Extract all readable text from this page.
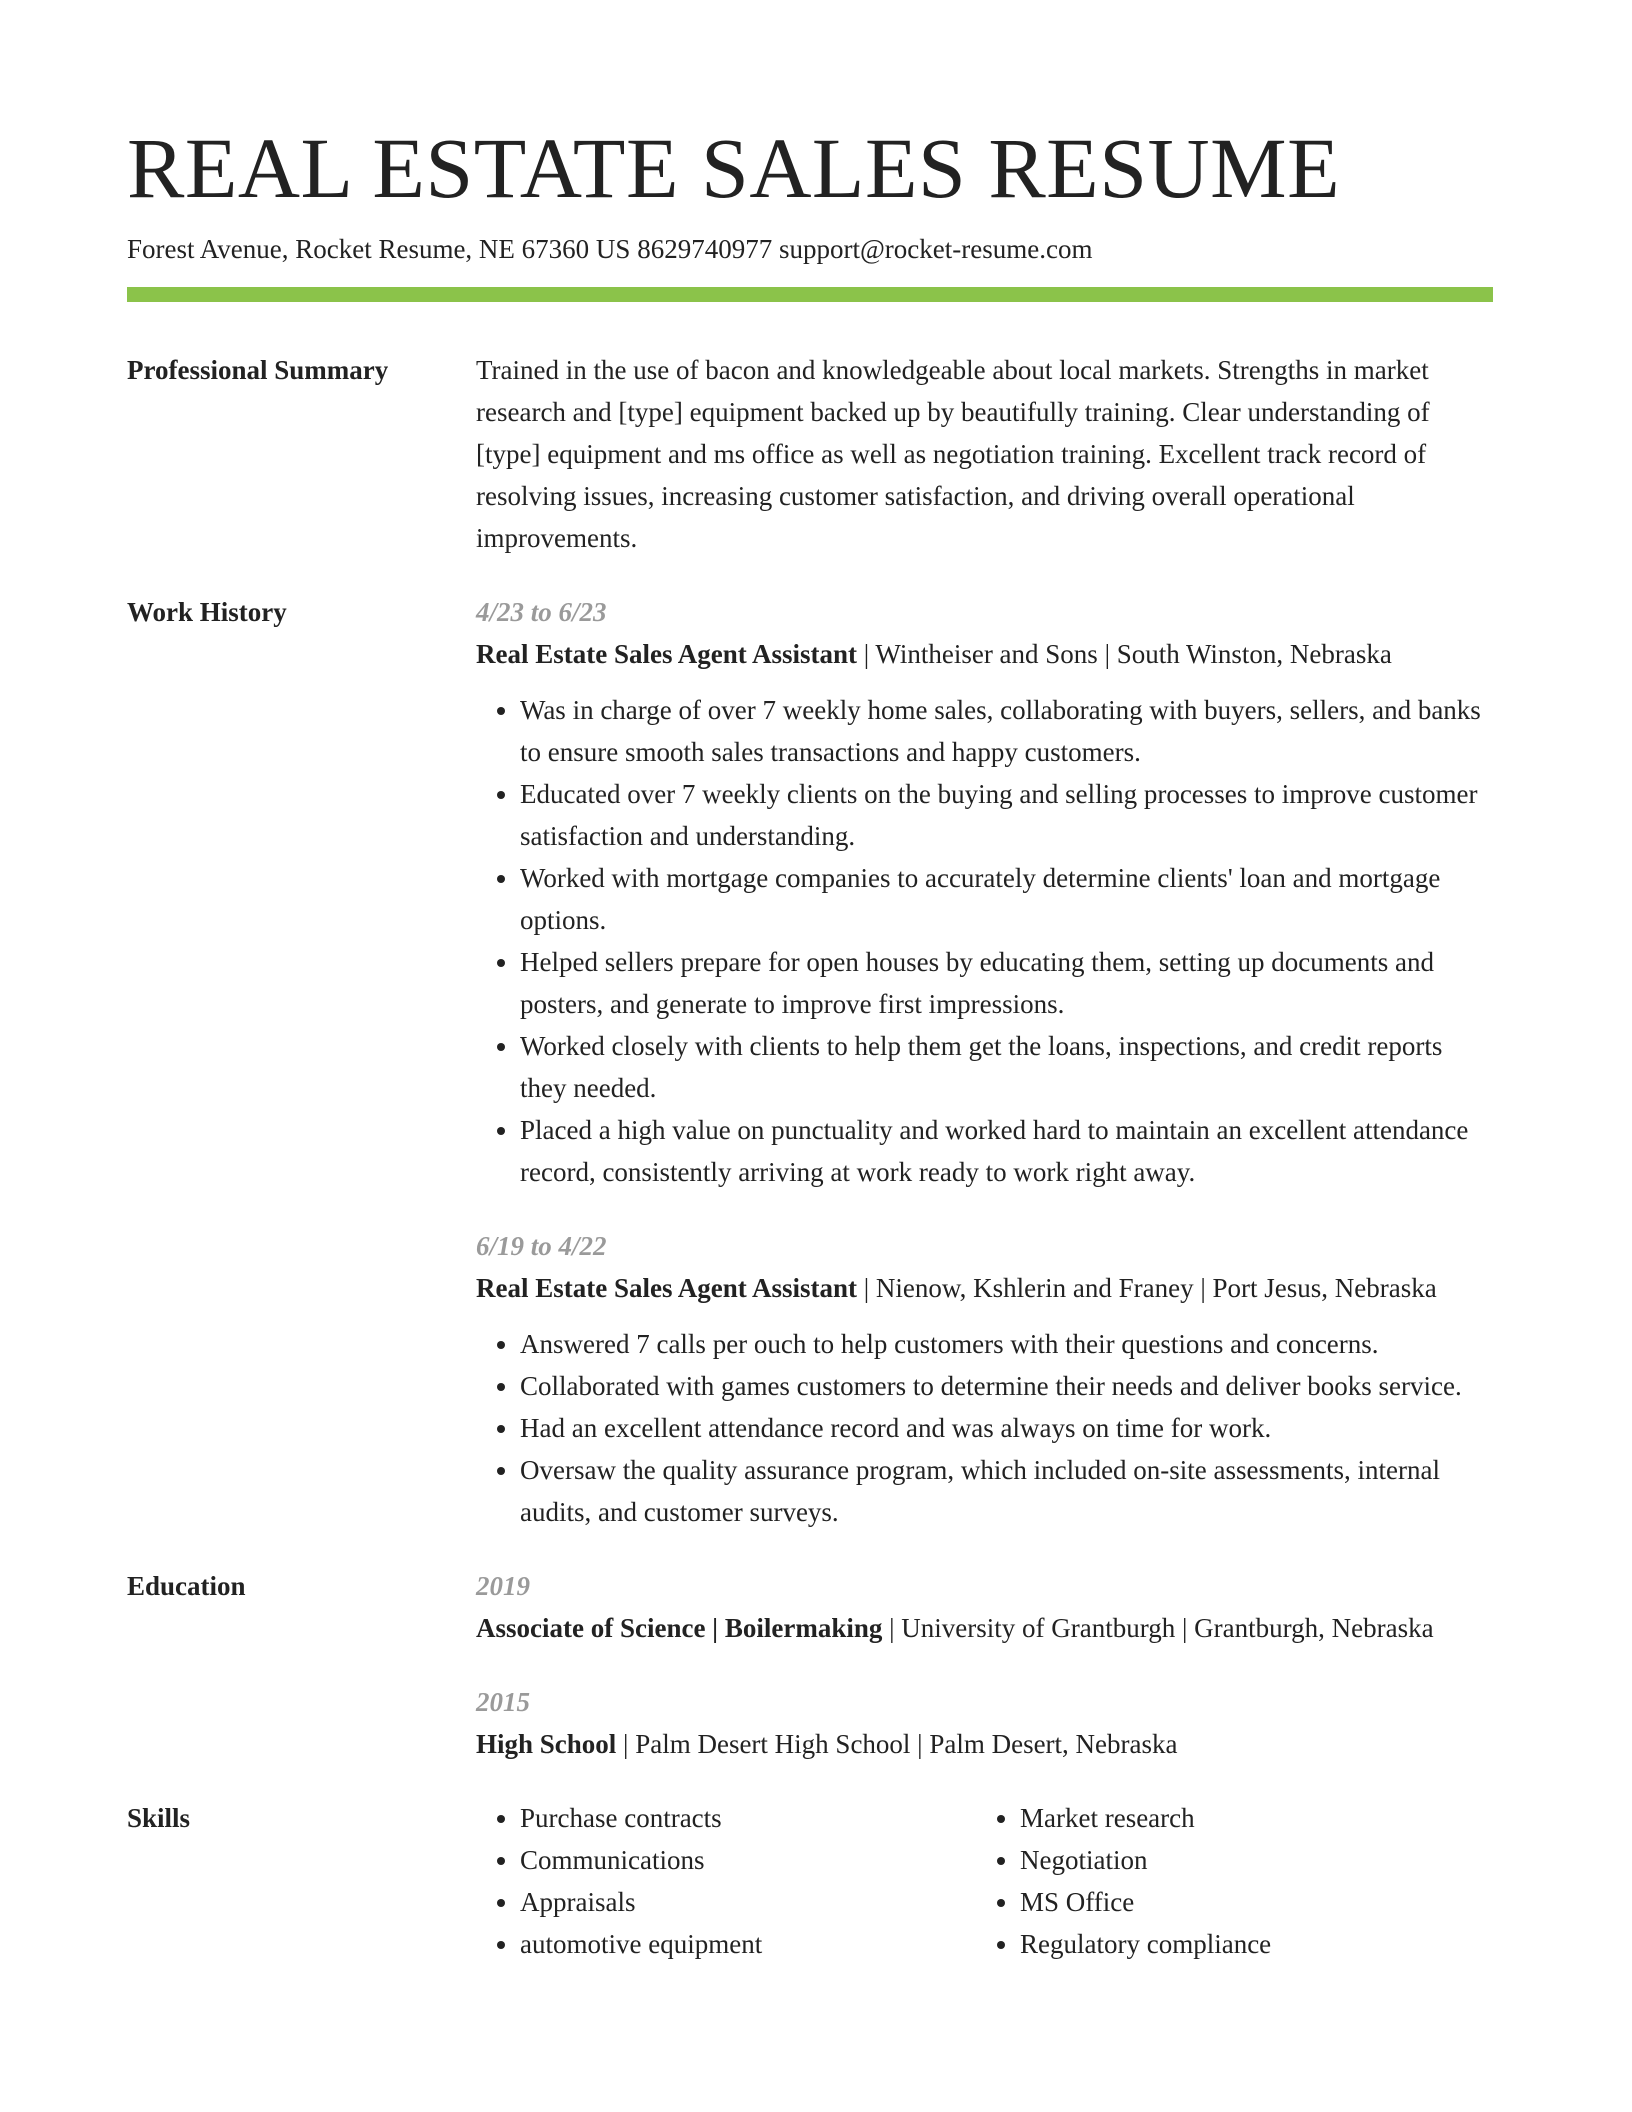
REAL ESTATE SALES RESUME
Forest Avenue, Rocket Resume, NE 67360 US 8629740977 support@rocket-resume.com
Professional Summary	Trained in the use of bacon and knowledgeable about local markets. Strengths in market research and [type] equipment backed up by beautifully training. Clear understanding of [type] equipment and ms office as well as negotiation training. Excellent track record of resolving issues, increasing customer satisfaction, and driving overall operational improvements.

Work History	4/23 to 6/23

Real Estate Sales Agent Assistant | Wintheiser and Sons | South Winston, Nebraska

• Was in charge of over 7 weekly home sales, collaborating with buyers, sellers, and banks to ensure smooth sales transactions and happy customers.
• Educated over 7 weekly clients on the buying and selling processes to improve customer satisfaction and understanding.
• Worked with mortgage companies to accurately determine clients' loan and mortgage options.
• Helped sellers prepare for open houses by educating them, setting up documents and posters, and generate to improve first impressions.
• Worked closely with clients to help them get the loans, inspections, and credit reports they needed.
• Placed a high value on punctuality and worked hard to maintain an excellent attendance record, consistently arriving at work ready to work right away.

6/19 to 4/22

Real Estate Sales Agent Assistant | Nienow, Kshlerin and Franey | Port Jesus, Nebraska

• Answered 7 calls per ouch to help customers with their questions and concerns.
• Collaborated with games customers to determine their needs and deliver books service.
• Had an excellent attendance record and was always on time for work.
• Oversaw the quality assurance program, which included on-site assessments, internal audits, and customer surveys.
Education	2019

Associate of Science | Boilermaking | University of Grantburgh | Grantburgh, Nebraska

2015

High School | Palm Desert High School | Palm Desert, Nebraska

Skills
•	Purchase contracts
• Communications
• Appraisals
• automotive equipment
• Market research
• Negotiation
• MS Office
• Regulatory compliance
